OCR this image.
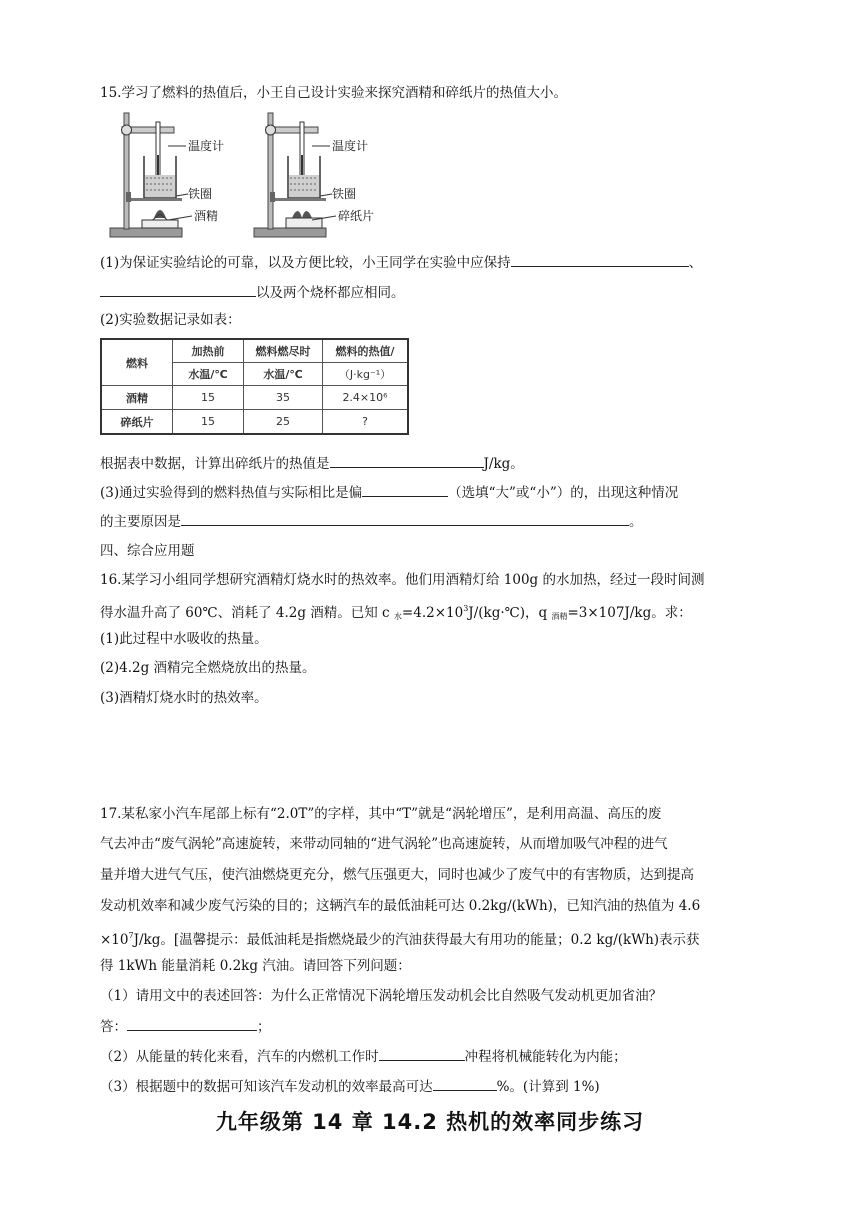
15.学习了燃料的热值后，小王自己设计实验来探究酒精和碎纸片的热值大小。
温度计
铁圈
酒精
温度计
铁圈
碎纸片
(1)为保证实验结论的可靠，以及方便比较，小王同学在实验中应保持	、
以及两个烧杯都应相同。
(2)实验数据记录如表：
燃料	加热前	燃料燃尽时	燃料的热值/
	水温/℃	水温/℃	（J·kg⁻¹）
酒精	15	35	2.4×10⁶
碎纸片	15	25	?
根据表中数据，计算出碎纸片的热值是	J/kg。
(3)通过实验得到的燃料热值与实际相比是偏	（选填“大”或“小”）的，出现这种情况
的主要原因是	。
四、综合应用题
16.某学习小组同学想研究酒精灯烧水时的热效率。他们用酒精灯给 100g 的水加热，经过一段时间测
得水温升高了 60℃、消耗了 4.2g 酒精。已知 c $_水=4.2\times 10^3J/(kg\cdot℃)$，q $_{酒精}$=3×107J/kg。求：
(1)此过程中水吸收的热量。
(2)4.2g 酒精完全燃烧放出的热量。
(3)酒精灯烧水时的热效率。
17.某私家小汽车尾部上标有“2.0T”的字样，其中“T”就是“涡轮增压”，是利用高温、高压的废
气去冲击“废气涡轮”高速旋转，来带动同轴的“进气涡轮”也高速旋转，从而增加吸气冲程的进气
量并增大进气气压，使汽油燃烧更充分，燃气压强更大，同时也减少了废气中的有害物质，达到提高
发动机效率和减少废气污染的目的；这辆汽车的最低油耗可达 0.2kg/(kWh)，已知汽油的热值为 4.6
$\times 10^7J/kg$。[温馨提示：最低油耗是指燃烧最少的汽油获得最大有用功的能量；0.2 kg/(kWh)表示获
得 1kWh 能量消耗 0.2kg 汽油。请回答下列问题：
（1）请用文中的表述回答：为什么正常情况下涡轮增压发动机会比自然吸气发动机更加省油？
答：	；
（2）从能量的转化来看，汽车的内燃机工作时	冲程将机械能转化为内能；
（3）根据题中的数据可知该汽车发动机的效率最高可达	%。(计算到 1%)
九年级第 14 章 14.2 热机的效率同步练习
